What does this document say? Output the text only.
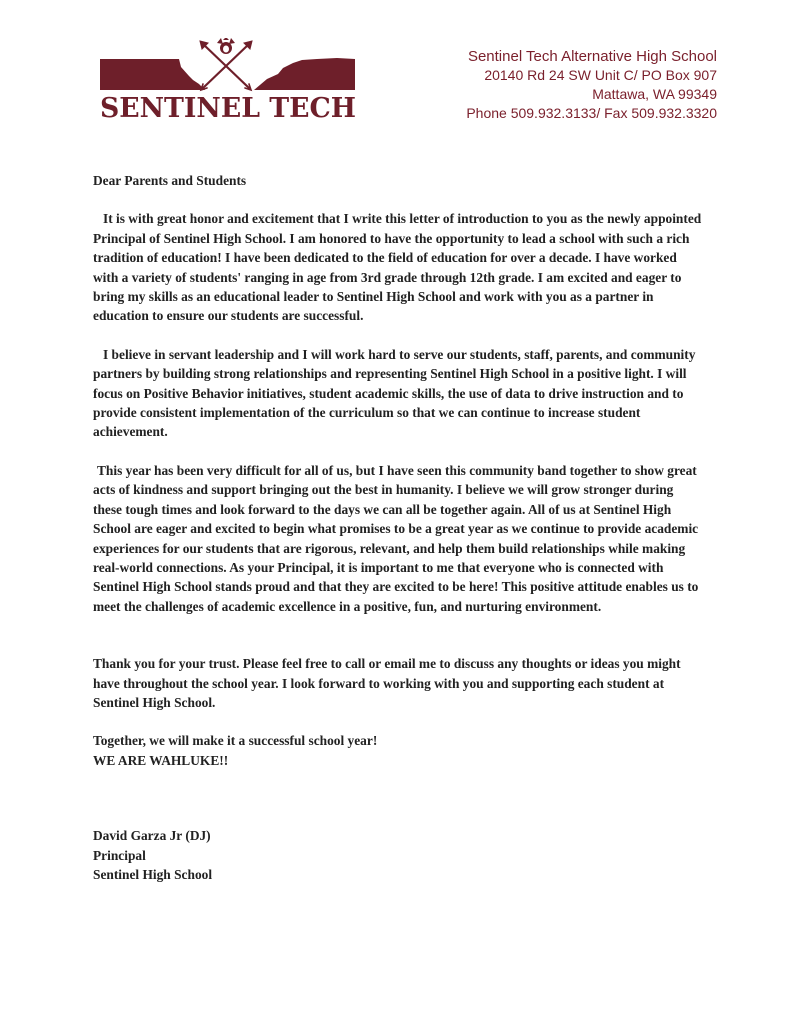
SENTINEL TECH
Sentinel Tech Alternative High School
20140 Rd 24 SW Unit C/ PO Box 907
Mattawa, WA 99349
Phone 509.932.3133/ Fax 509.932.3320

Dear Parents and Students

It is with great honor and excitement that I write this letter of introduction to you as the newly appointed Principal of Sentinel High School. I am honored to have the opportunity to lead a school with such a rich tradition of education! I have been dedicated to the field of education for over a decade. I have worked with a variety of students' ranging in age from 3rd grade through 12th grade. I am excited and eager to bring my skills as an educational leader to Sentinel High School and work with you as a partner in education to ensure our students are successful.

I believe in servant leadership and I will work hard to serve our students, staff, parents, and community partners by building strong relationships and representing Sentinel High School in a positive light. I will focus on Positive Behavior initiatives, student academic skills, the use of data to drive instruction and to provide consistent implementation of the curriculum so that we can continue to increase student achievement.

This year has been very difficult for all of us, but I have seen this community band together to show great acts of kindness and support bringing out the best in humanity. I believe we will grow stronger during these tough times and look forward to the days we can all be together again. All of us at Sentinel High School are eager and excited to begin what promises to be a great year as we continue to provide academic experiences for our students that are rigorous, relevant, and help them build relationships while making real-world connections. As your Principal, it is important to me that everyone who is connected with Sentinel High School stands proud and that they are excited to be here! This positive attitude enables us to meet the challenges of academic excellence in a positive, fun, and nurturing environment.

Thank you for your trust. Please feel free to call or email me to discuss any thoughts or ideas you might have throughout the school year. I look forward to working with you and supporting each student at Sentinel High School.

Together, we will make it a successful school year!

WE ARE WAHLUKE!!

David Garza Jr (DJ)

Principal

Sentinel High School
